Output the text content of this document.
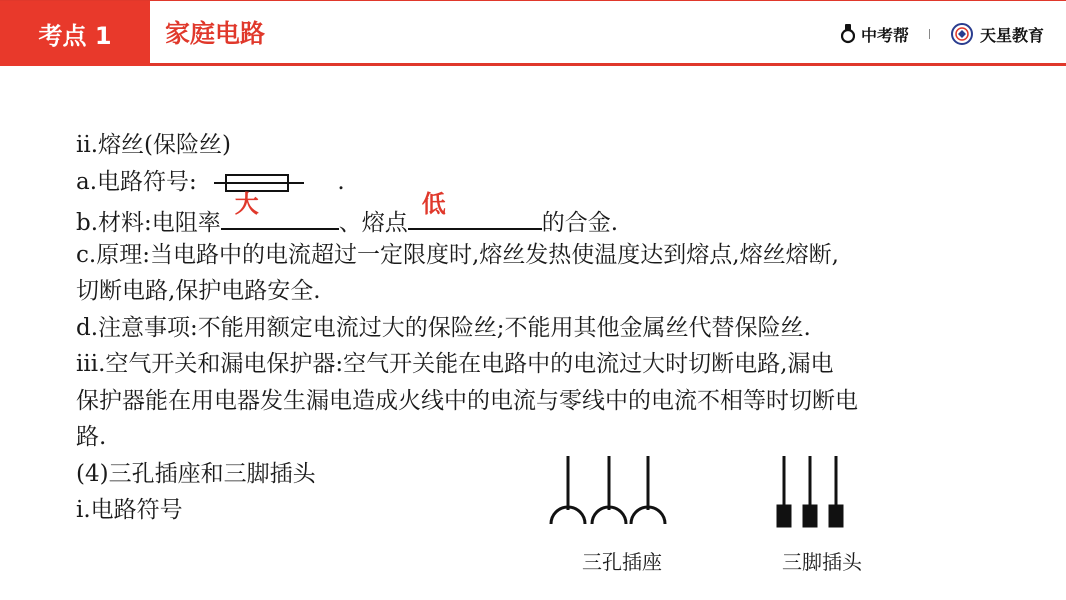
考点 1	家庭电路	中考帮	天星教育
ⅱ.熔丝(保险丝)
a.电路符号:	.
b.材料:电阻率
大
、熔点
低
的合金.
c.原理:当电路中的电流超过一定限度时,熔丝发热使温度达到熔点,熔丝熔断,
切断电路,保护电路安全.
d.注意事项:不能用额定电流过大的保险丝;不能用其他金属丝代替保险丝.
ⅲ.空气开关和漏电保护器:空气开关能在电路中的电流过大时切断电路,漏电
保护器能在用电器发生漏电造成火线中的电流与零线中的电流不相等时切断电
路.
(4)三孔插座和三脚插头
ⅰ.电路符号
三孔插座	三脚插头
